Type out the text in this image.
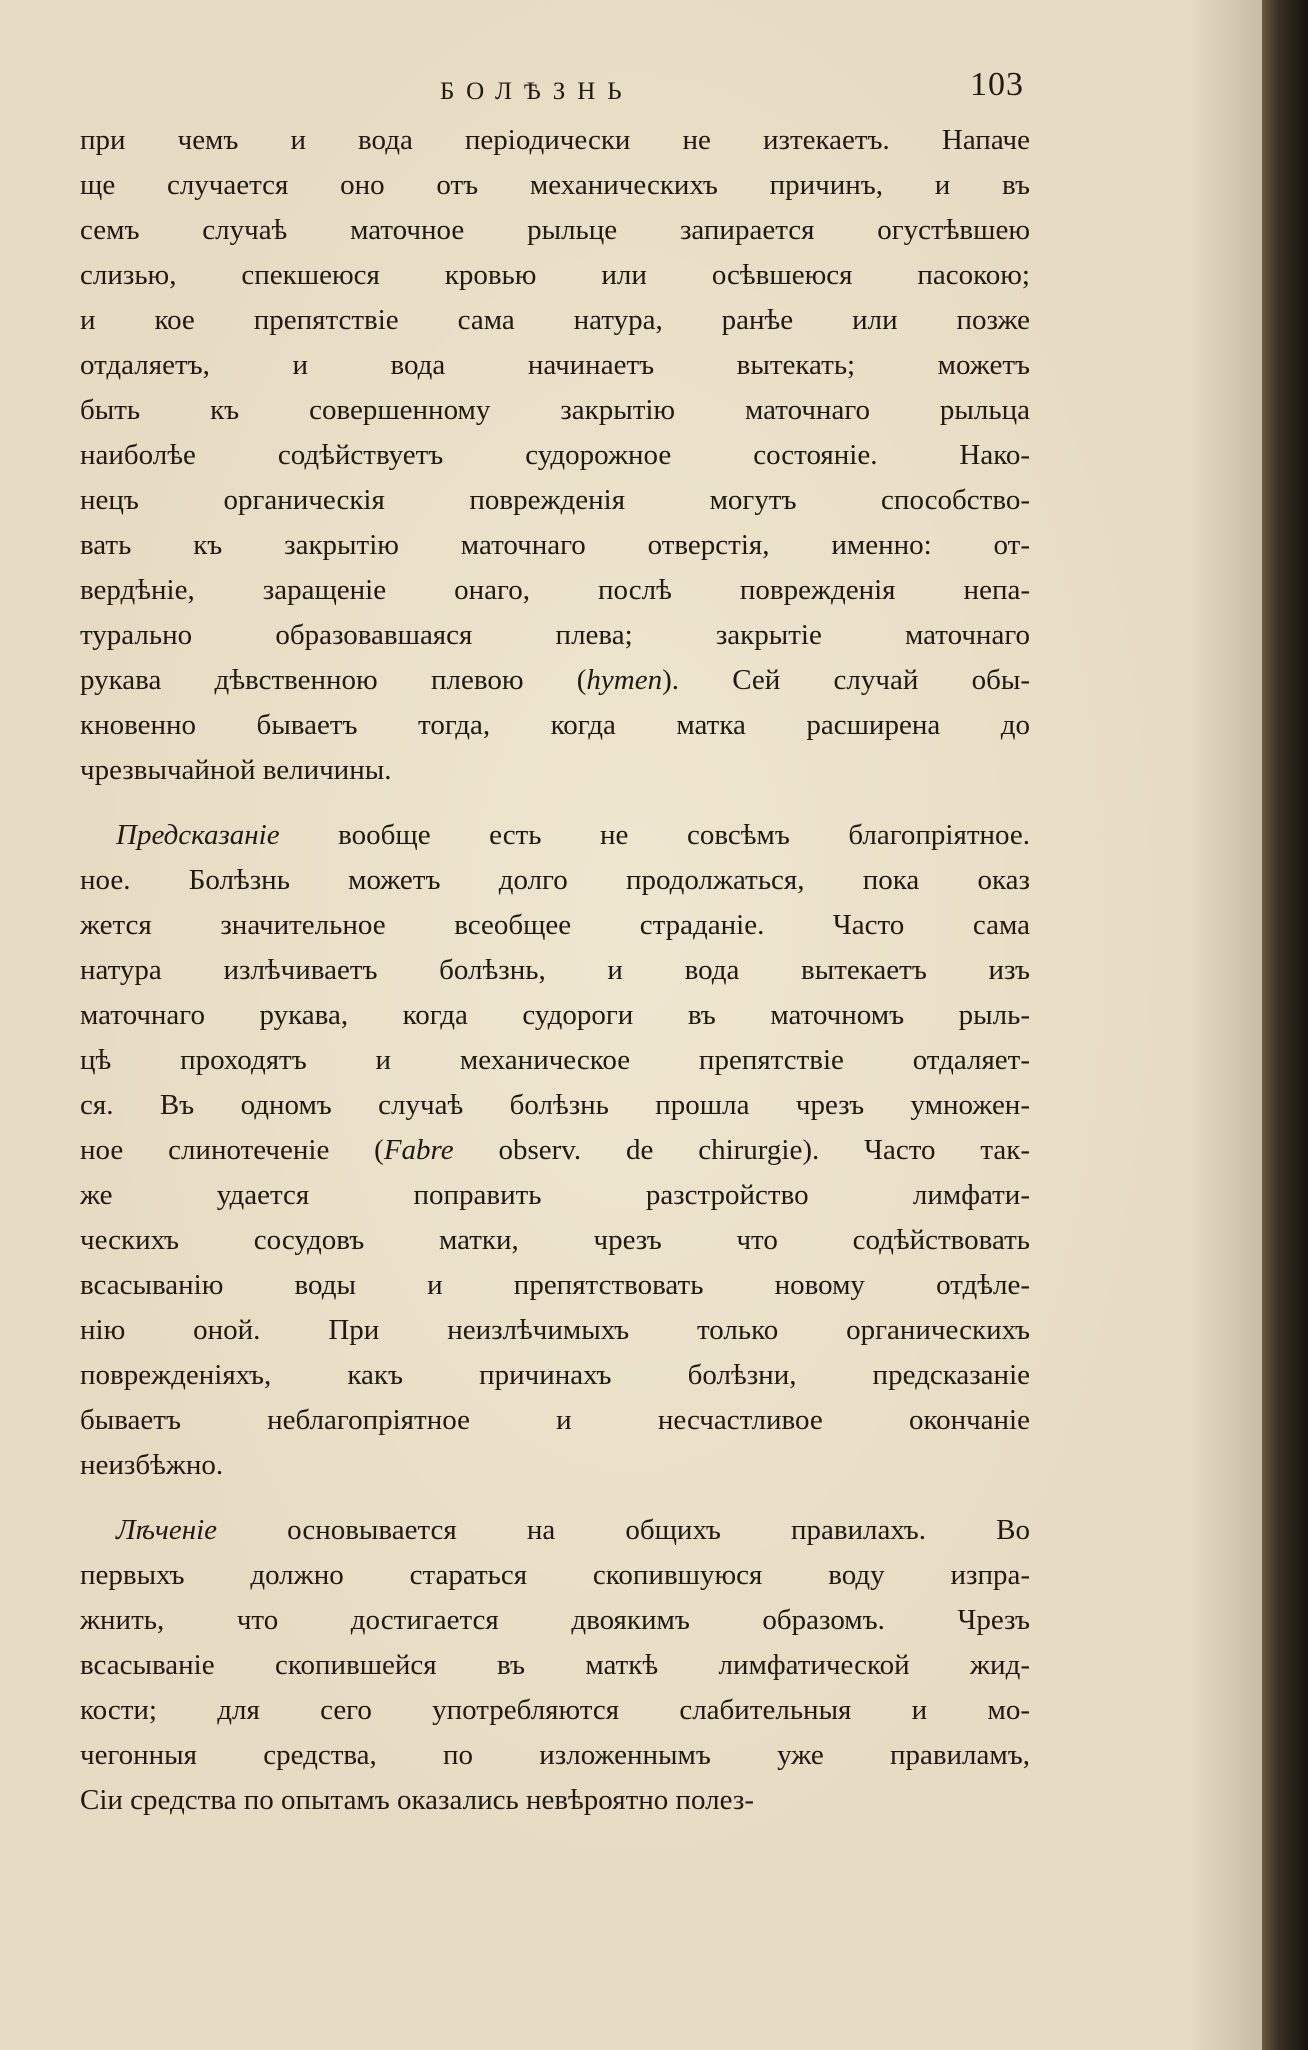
БОЛѢЗНЬ	103
при чемъ и вода періодически не изтекаетъ. Напаче
ще случается оно отъ механическихъ причинъ, и въ
семъ случаѣ маточное рыльце запирается огустѣвшею
слизью, спекшеюся кровью или осѣвшеюся пасокою;
и кое препятствіе сама натура, ранѣе или позже
отдаляетъ, и вода начинаетъ вытекать; можетъ
быть къ совершенному закрытію маточнаго рыльца
наиболѣе содѣйствуетъ судорожное состояніе. Нако-
нецъ органическія поврежденія могутъ способство-
вать къ закрытію маточнаго отверстія, именно: от-
вердѣніе, заращеніе онаго, послѣ поврежденія непа-
турально образовавшаяся плева; закрытіе маточнаго
рукава дѣвственною плевою (hymen). Сей случай обы-
кновенно бываетъ тогда, когда матка расширена до
чрезвычайной величины.
Предсказаніе вообще есть не совсѣмъ благопріятное.
ное. Болѣзнь можетъ долго продолжаться, пока оказ
жется значительное всеобщее страданіе. Часто сама
натура излѣчиваетъ болѣзнь, и вода вытекаетъ изъ
маточнаго рукава, когда судороги въ маточномъ рыль-
цѣ проходятъ и механическое препятствіе отдаляет-
ся. Въ одномъ случаѣ болѣзнь прошла чрезъ умножен-
ное слинотеченіе (Fabre observ. de chirurgie). Часто так-
же удается поправить разстройство лимфати-
ческихъ сосудовъ матки, чрезъ что содѣйствовать
всасыванію воды и препятствовать новому отдѣле-
нію оной. При неизлѣчимыхъ только органическихъ
поврежденіяхъ, какъ причинахъ болѣзни, предсказаніе
бываетъ неблагопріятное и несчастливое окончаніе
неизбѣжно.
Лѣченіе основывается на общихъ правилахъ. Во
первыхъ должно стараться скопившуюся воду изпра-
жнить, что достигается двоякимъ образомъ. Чрезъ
всасываніе скопившейся въ маткѣ лимфатической жид-
кости; для сего употребляются слабительныя и мо-
чегонныя средства, по изложеннымъ уже правиламъ,
Сіи средства по опытамъ оказались невѣроятно полез-
